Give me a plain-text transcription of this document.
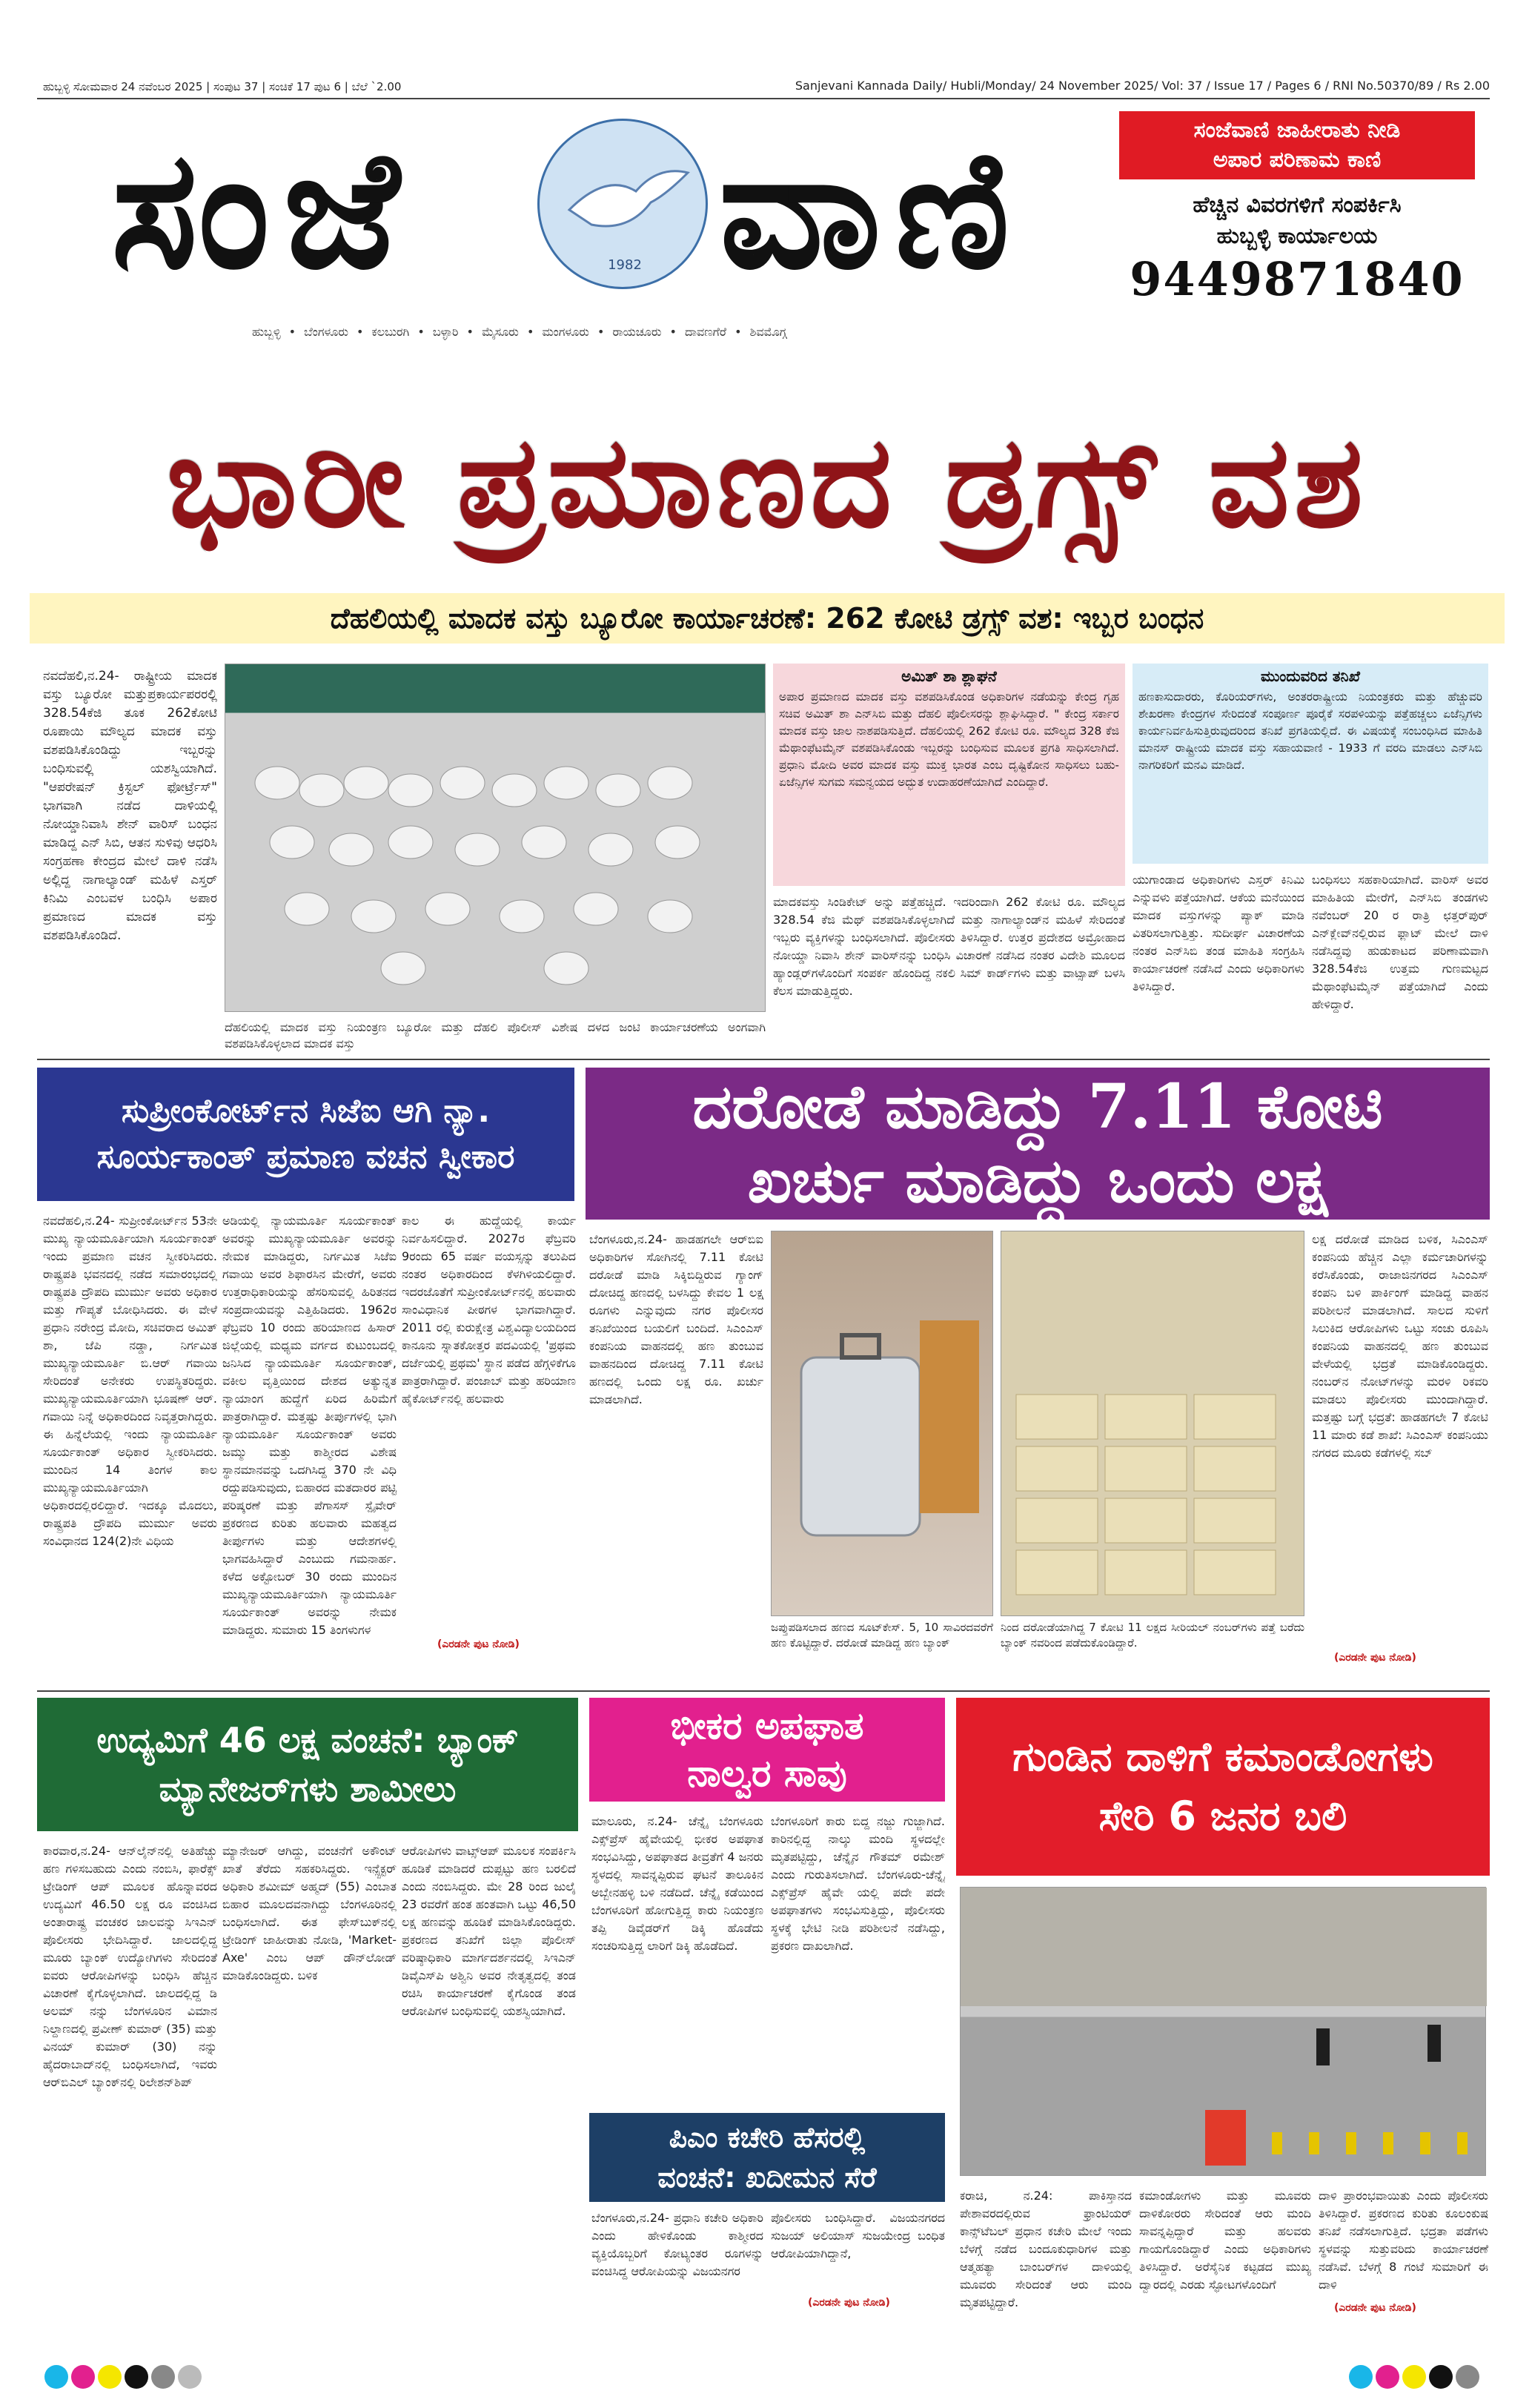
ಹುಬ್ಬಳ್ಳಿ ಸೋಮವಾರ 24 ನವೆಂಬರ 2025 | ಸಂಪುಟ 37 | ಸಂಚಿಕೆ 17 ಪುಟ 6 | ಬೆಲೆ `2.00	Sanjevani Kannada Daily/ Hubli/Monday/ 24 November 2025/ Vol: 37 / Issue 17 / Pages 6 / RNI No.50370/89 / Rs 2.00
ಸಂಜೆ	1982 ವಾಣಿ	ಸಂಜೆವಾಣಿ ಜಾಹೀರಾತು ನೀಡಿ
ಅಪಾರ ಪರಿಣಾಮ ಕಾಣಿ
ಹೆಚ್ಚಿನ ವಿವರಗಳಿಗೆ ಸಂಪರ್ಕಿಸಿ
ಹುಬ್ಬಳ್ಳಿ ಕಾರ್ಯಾಲಯ
9449871840
ಹುಬ್ಬಳ್ಳಿ • ಬೆಂಗಳೂರು • ಕಲಬುರಗಿ • ಬಳ್ಳಾರಿ • ಮೈಸೂರು • ಮಂಗಳೂರು • ರಾಯಚೂರು • ದಾವಣಗೆರೆ • ಶಿವಮೊಗ್ಗ
ಭಾರೀ ಪ್ರಮಾಣದ ಡ್ರಗ್ಸ್ ವಶ
ದೆಹಲಿಯಲ್ಲಿ ಮಾದಕ ವಸ್ತು ಬ್ಯೂರೋ ಕಾರ್ಯಾಚರಣೆ: 262 ಕೋಟಿ ಡ್ರಗ್ಸ್ ವಶ: ಇಬ್ಬರ ಬಂಧನ
ನವದೆಹಲಿ,ನ.24- ರಾಷ್ಟ್ರೀಯ ಮಾದಕ ವಸ್ತು ಬ್ಯೂರೋ ಮತ್ತುಪ್ರಕಾರ್ಯಪರರಲ್ಲಿ 328.54ಕೆಜಿ ತೂಕ 262ಕೋಟಿ ರೂಪಾಯಿ ಮೌಲ್ಯದ ಮಾದಕ ವಸ್ತು ವಶಪಡಿಸಿಕೊಂಡಿದ್ದು ಇಬ್ಬರನ್ನು ಬಂಧಿಸುವಲ್ಲಿ ಯಶಸ್ವಿಯಾಗಿದೆ. "ಆಪರೇಷನ್ ಕ್ರಿಸ್ಟಲ್ ಫೋರ್ಟ್ರೆಸ್" ಭಾಗವಾಗಿ ನಡೆದ ದಾಳಿಯಲ್ಲಿ ನೋಯ್ಡಾನಿವಾಸಿ ಶೇನ್ ವಾರಿಸ್ ಬಂಧನ ಮಾಡಿದ್ದ ಎನ್ ಸಿಬಿ, ಆತನ ಸುಳಿವು ಆಧರಿಸಿ ಸಂಗ್ರಹಣಾ ಕೇಂದ್ರದ ಮೇಲೆ ದಾಳಿ ನಡೆಸಿ ಅಲ್ಲಿದ್ದ ನಾಗಾಲ್ಯಾಂಡ್ ಮಹಿಳೆ ಎಸ್ತರ್ ಕಿನಿಮಿ ಎಂಬವಳ ಬಂಧಿಸಿ ಅಪಾರ ಪ್ರಮಾಣದ ಮಾದಕ ವಸ್ತು ವಶಪಡಿಸಿಕೊಂಡಿದೆ.
ದೆಹಲಿಯಲ್ಲಿ ಮಾದಕ ವಸ್ತು ನಿಯಂತ್ರಣ ಬ್ಯೂರೋ ಮತ್ತು ದೆಹಲಿ ಪೊಲೀಸ್ ವಿಶೇಷ ದಳದ ಜಂಟಿ ಕಾರ್ಯಾಚರಣೆಯ ಅಂಗವಾಗಿ ವಶಪಡಿಸಿಕೊಳ್ಳಲಾದ ಮಾದಕ ವಸ್ತು
ಅಮಿತ್ ಶಾ ಶ್ಲಾಘನೆ
ಅಪಾರ ಪ್ರಮಾಣದ ಮಾದಕ ವಸ್ತು ವಶಪಡಿಸಿಕೊಂಡ ಅಧಿಕಾರಿಗಳ ನಡೆಯನ್ನು ಕೇಂದ್ರ ಗೃಹ ಸಚಿವ ಅಮಿತ್ ಶಾ ಎನ್‌ಸಿಬಿ ಮತ್ತು ದೆಹಲಿ ಪೊಲೀಸರನ್ನು ಶ್ಲಾಘಿಸಿದ್ದಾರೆ. " ಕೇಂದ್ರ ಸರ್ಕಾರ ಮಾದಕ ವಸ್ತು ಜಾಲ ನಾಶಪಡಿಸುತ್ತಿದೆ. ದೆಹಲಿಯಲ್ಲಿ 262 ಕೋಟಿ ರೂ. ಮೌಲ್ಯದ 328 ಕೆಜಿ ಮೆಥಾಂಫೆಟಮೈನ್ ವಶಪಡಿಸಿಕೊಂಡು ಇಬ್ಬರನ್ನು ಬಂಧಿಸುವ ಮೂಲಕ ಪ್ರಗತಿ ಸಾಧಿಸಲಾಗಿದೆ. ಪ್ರಧಾನಿ ಮೋದಿ ಅವರ ಮಾದಕ ವಸ್ತು ಮುಕ್ತ ಭಾರತ ಎಂಬ ದೃಷ್ಟಿಕೋನ ಸಾಧಿಸಲು ಬಹು-ಏಜೆನ್ಸಿಗಳ ಸುಗಮ ಸಮನ್ವಯದ ಅದ್ಭುತ ಉದಾಹರಣೆಯಾಗಿದೆ ಎಂದಿದ್ದಾರೆ.
ಮುಂದುವರಿದ ತನಿಖೆ
ಹಣಕಾಸುದಾರರು, ಕೊರಿಯರ್‌ಗಳು, ಅಂತರರಾಷ್ಟ್ರೀಯ ನಿಯಂತ್ರಕರು ಮತ್ತು ಹೆಚ್ಚುವರಿ ಶೇಖರಣಾ ಕೇಂದ್ರಗಳ ಸೇರಿದಂತೆ ಸಂಪೂರ್ಣ ಪೂರೈಕೆ ಸರಪಳಿಯನ್ನು ಪತ್ತೆಹಚ್ಚಲು ಏಜೆನ್ಸಿಗಳು ಕಾರ್ಯನಿರ್ವಹಿಸುತ್ತಿರುವುದರಿಂದ ತನಿಖೆ ಪ್ರಗತಿಯಲ್ಲಿದೆ. ಈ ವಿಷಯಕ್ಕೆ ಸಂಬಂಧಿಸಿದ ಮಾಹಿತಿ ಮಾನಸ್ ರಾಷ್ಟ್ರೀಯ ಮಾದಕ ವಸ್ತು ಸಹಾಯವಾಣಿ - 1933 ಗೆ ವರದಿ ಮಾಡಲು ಎನ್‌ಸಿಬಿ ನಾಗರಿಕರಿಗೆ ಮನವಿ ಮಾಡಿದೆ.
ಮಾದಕವಸ್ತು ಸಿಂಡಿಕೇಟ್ ಅನ್ನು ಪತ್ತೆಹಚ್ಚಿದೆ. ಇದರಿಂದಾಗಿ 262 ಕೋಟಿ ರೂ. ಮೌಲ್ಯದ 328.54 ಕೆಜಿ ಮೆಥ್ ವಶಪಡಿಸಿಕೊಳ್ಳಲಾಗಿದೆ ಮತ್ತು ನಾಗಾಲ್ಯಾಂಡ್‌ನ ಮಹಿಳೆ ಸೇರಿದಂತೆ ಇಬ್ಬರು ವ್ಯಕ್ತಿಗಳನ್ನು ಬಂಧಿಸಲಾಗಿದೆ. ಪೊಲೀಸರು ತಿಳಿಸಿದ್ದಾರೆ. ಉತ್ತರ ಪ್ರದೇಶದ ಅಮ್ರೋಹಾದ ನೋಯ್ಡಾ ನಿವಾಸಿ ಶೇನ್ ವಾರಿಸ್‌ನನ್ನು ಬಂಧಿಸಿ ವಿಚಾರಣೆ ನಡೆಸಿದ ನಂತರ ವಿದೇಶಿ ಮೂಲದ ಹ್ಯಾಂಡ್ಲರ್‌ಗಳೊಂದಿಗೆ ಸಂಪರ್ಕ ಹೊಂದಿದ್ದ ನಕಲಿ ಸಿಮ್ ಕಾರ್ಡ್‌ಗಳು ಮತ್ತು ವಾಟ್ಸಾಪ್ ಬಳಸಿ ಕೆಲಸ ಮಾಡುತ್ತಿದ್ದರು.
ಯುಗಾಂಡಾದ ಅಧಿಕಾರಿಗಳು ಎಸ್ತರ್ ಕಿನಿಮಿ ಎನ್ನುವಳು ಪತ್ತೆಯಾಗಿದೆ. ಆಕೆಯ ಮನೆಯಿಂದ ಮಾದಕ ವಸ್ತುಗಳನ್ನು ಪ್ಯಾಕ್ ಮಾಡಿ ವಿತರಿಸಲಾಗುತ್ತಿತ್ತು. ಸುದೀರ್ಘ ವಿಚಾರಣೆಯ ನಂತರ ಎನ್‌ಸಿಬಿ ತಂಡ ಮಾಹಿತಿ ಸಂಗ್ರಹಿಸಿ ಕಾರ್ಯಾಚರಣೆ ನಡೆಸಿದೆ ಎಂದು ಅಧಿಕಾರಿಗಳು ತಿಳಿಸಿದ್ದಾರೆ.
ಬಂಧಿಸಲು ಸಹಕಾರಿಯಾಗಿದೆ. ವಾರಿಸ್ ಅವರ ಮಾಹಿತಿಯ ಮೇರೆಗೆ, ಎನ್‌ಸಿಬಿ ತಂಡಗಳು ನವೆಂಬರ್ 20 ರ ರಾತ್ರಿ ಛತ್ತರ್‌ಪುರ್ ಎನ್‌ಕ್ಲೇವ್‌ನಲ್ಲಿರುವ ಫ್ಲಾಟ್ ಮೇಲೆ ದಾಳಿ ನಡೆಸಿದ್ದವು ಹುಡುಕಾಟದ ಪರಿಣಾಮವಾಗಿ 328.54ಕೆಜಿ ಉತ್ತಮ ಗುಣಮಟ್ಟದ ಮೆಥಾಂಫೆಟಮೈನ್ ಪತ್ತೆಯಾಗಿದೆ ಎಂದು ಹೇಳಿದ್ದಾರೆ.
ಸುಪ್ರೀಂಕೋರ್ಟ್‌ನ ಸಿಜೆಐ ಆಗಿ ನ್ಯಾ. ಸೂರ್ಯಕಾಂತ್ ಪ್ರಮಾಣ ವಚನ ಸ್ವೀಕಾರ
ನವದೆಹಲಿ,ನ.24- ಸುಪ್ರೀಂಕೋರ್ಟ್‌ನ 53ನೇ ಮುಖ್ಯ ನ್ಯಾಯಮೂರ್ತಿಯಾಗಿ ಸೂರ್ಯಕಾಂತ್ ಇಂದು ಪ್ರಮಾಣ ವಚನ ಸ್ವೀಕರಿಸಿದರು. ರಾಷ್ಟ್ರಪತಿ ಭವನದಲ್ಲಿ ನಡೆದ ಸಮಾರಂಭದಲ್ಲಿ ರಾಷ್ಟ್ರಪತಿ ದ್ರೌಪದಿ ಮುರ್ಮು ಅವರು ಅಧಿಕಾರ ಮತ್ತು ಗೌಪ್ಯತೆ ಬೋಧಿಸಿದರು. ಈ ವೇಳೆ ಪ್ರಧಾನಿ ನರೇಂದ್ರ ಮೋದಿ, ಸಚಿವರಾದ ಅಮಿತ್ ಶಾ, ಜೆಪಿ ನಡ್ಡಾ, ನಿರ್ಗಮಿತ ಮುಖ್ಯನ್ಯಾಯಮೂರ್ತಿ ಬಿ.ಆರ್ ಗವಾಯಿ ಸೇರಿದಂತೆ ಅನೇಕರು ಉಪಸ್ಥಿತರಿದ್ದರು. ಮುಖ್ಯನ್ಯಾಯಮೂರ್ತಿಯಾಗಿ ಭೂಷಣ್ ಆರ್. ಗವಾಯಿ ನಿನ್ನೆ ಅಧಿಕಾರದಿಂದ ನಿವೃತ್ತರಾಗಿದ್ದರು. ಈ ಹಿನ್ನೆಲೆಯಲ್ಲಿ ಇಂದು ನ್ಯಾಯಮೂರ್ತಿ ಸೂರ್ಯಕಾಂತ್ ಅಧಿಕಾರ ಸ್ವೀಕರಿಸಿದರು. ಮುಂದಿನ 14 ತಿಂಗಳ ಕಾಲ ಮುಖ್ಯನ್ಯಾಯಮೂರ್ತಿಯಾಗಿ ಅಧಿಕಾರದಲ್ಲಿರಲಿದ್ದಾರೆ. ಇದಕ್ಕೂ ಮೊದಲು, ರಾಷ್ಟ್ರಪತಿ ದ್ರೌಪದಿ ಮುರ್ಮು ಅವರು ಸಂವಿಧಾನದ 124(2)ನೇ ವಿಧಿಯ
ಅಡಿಯಲ್ಲಿ ನ್ಯಾಯಮೂರ್ತಿ ಸೂರ್ಯಕಾಂತ್ ಅವರನ್ನು ಮುಖ್ಯನ್ಯಾಯಮೂರ್ತಿ ಅವರನ್ನು ನೇಮಕ ಮಾಡಿದ್ದರು, ನಿರ್ಗಮಿತ ಸಿಜೆಐ ಗವಾಯಿ ಅವರ ಶಿಫಾರಸಿನ ಮೇರೆಗೆ, ಅವರು ಉತ್ತರಾಧಿಕಾರಿಯನ್ನು ಹೆಸರಿಸುವಲ್ಲಿ ಹಿರಿತನದ ಸಂಪ್ರದಾಯವನ್ನು ಎತ್ತಿಹಿಡಿದರು. 1962ರ ಫೆಬ್ರವರಿ 10 ರಂದು ಹರಿಯಾಣದ ಹಿಸಾರ್ ಜಿಲ್ಲೆಯಲ್ಲಿ ಮಧ್ಯಮ ವರ್ಗದ ಕುಟುಂಬದಲ್ಲಿ ಜನಿಸಿದ ನ್ಯಾಯಮೂರ್ತಿ ಸೂರ್ಯಕಾಂತ್, ವಕೀಲ ವೃತ್ತಿಯಿಂದ ದೇಶದ ಅತ್ಯುನ್ನತ ನ್ಯಾಯಾಂಗ ಹುದ್ದೆಗೆ ಏರಿದ ಹಿರಿಮೆಗೆ ಪಾತ್ರರಾಗಿದ್ದಾರೆ. ಮತ್ತಷ್ಟು ತೀರ್ಪುಗಳಲ್ಲಿ ಭಾಗಿ ನ್ಯಾಯಮೂರ್ತಿ ಸೂರ್ಯಕಾಂತ್ ಅವರು ಜಮ್ಮು ಮತ್ತು ಕಾಶ್ಮೀರದ ವಿಶೇಷ ಸ್ಥಾನಮಾನವನ್ನು ಒದಗಿಸಿದ್ದ 370 ನೇ ವಿಧಿ ರದ್ದುಪಡಿಸುವುದು, ಬಿಹಾರದ ಮತದಾರರ ಪಟ್ಟಿ ಪರಿಷ್ಕರಣೆ ಮತ್ತು ಪೆಗಾಸಸ್ ಸ್ಪೈವೇರ್ ಪ್ರಕರಣದ ಕುರಿತು ಹಲವಾರು ಮಹತ್ವದ ತೀರ್ಪುಗಳು ಮತ್ತು ಆದೇಶಗಳಲ್ಲಿ ಭಾಗವಹಿಸಿದ್ದಾರೆ ಎಂಬುದು ಗಮನಾರ್ಹ. ಕಳೆದ ಅಕ್ಟೋಬರ್ 30 ರಂದು ಮುಂದಿನ ಮುಖ್ಯನ್ಯಾಯಮೂರ್ತಿಯಾಗಿ ನ್ಯಾಯಮೂರ್ತಿ ಸೂರ್ಯಕಾಂತ್ ಅವರನ್ನು ನೇಮಕ ಮಾಡಿದ್ದರು. ಸುಮಾರು 15 ತಿಂಗಳುಗಳ
ಕಾಲ ಈ ಹುದ್ದೆಯಲ್ಲಿ ಕಾರ್ಯ ನಿರ್ವಹಿಸಲಿದ್ದಾರೆ. 2027ರ ಫೆಬ್ರವರಿ 9ರಂದು 65 ವರ್ಷ ವಯಸ್ಸನ್ನು ತಲುಪಿದ ನಂತರ ಅಧಿಕಾರದಿಂದ ಕೆಳಗಿಳಿಯಲಿದ್ದಾರೆ. ಇದರಜೊತೆಗೆ ಸುಪ್ರೀಂಕೋರ್ಟ್‌ನಲ್ಲಿ ಹಲವಾರು ಸಾಂವಿಧಾನಿಕ ಪೀಠಗಳ ಭಾಗವಾಗಿದ್ದಾರೆ. 2011 ರಲ್ಲಿ ಕುರುಕ್ಷೇತ್ರ ವಿಶ್ವವಿದ್ಯಾಲಯದಿಂದ ಕಾನೂನು ಸ್ನಾತಕೋತ್ತರ ಪದವಿಯಲ್ಲಿ 'ಪ್ರಥಮ ದರ್ಜೆಯಲ್ಲಿ ಪ್ರಥಮ' ಸ್ಥಾನ ಪಡೆದ ಹೆಗ್ಗಳಿಕೆಗೂ ಪಾತ್ರರಾಗಿದ್ದಾರೆ. ಪಂಜಾಬ್ ಮತ್ತು ಹರಿಯಾಣ ಹೈಕೋರ್ಟ್‌ನಲ್ಲಿ ಹಲವಾರು
(ಎರಡನೇ ಪುಟ ನೋಡಿ)
ದರೋಡೆ ಮಾಡಿದ್ದು 7.11 ಕೋಟಿ
ಖರ್ಚು ಮಾಡಿದ್ದು ಒಂದು ಲಕ್ಷ
ಬೆಂಗಳೂರು,ನ.24- ಹಾಡಹಗಲೇ ಆರ್‌ಬಿಐ ಅಧಿಕಾರಿಗಳ ಸೋಗಿನಲ್ಲಿ 7.11 ಕೋಟಿ ದರೋಡೆ ಮಾಡಿ ಸಿಕ್ಕಿಬಿದ್ದಿರುವ ಗ್ಯಾಂಗ್ ದೋಚಿದ್ದ ಹಣದಲ್ಲಿ ಬಳಸಿದ್ದು ಕೇವಲ 1 ಲಕ್ಷ ರೂಗಳು ಎನ್ನುವುದು ನಗರ ಪೊಲೀಸರ ತನಿಖೆಯಿಂದ ಬಯಲಿಗೆ ಬಂದಿದೆ. ಸಿಎಂಎಸ್ ಕಂಪನಿಯ ವಾಹನದಲ್ಲಿ ಹಣ ತುಂಬುವ ವಾಹನದಿಂದ ದೋಚಿದ್ದ 7.11 ಕೋಟಿ ಹಣದಲ್ಲಿ ಒಂದು ಲಕ್ಷ ರೂ. ಖರ್ಚು ಮಾಡಲಾಗಿದೆ.
ಜಪ್ತುಪಡಿಸಲಾದ ಹಣದ ಸೂಟ್‌ಕೇಸ್. 5, 10 ಸಾವಿರದವರೆಗೆ ಹಣ ಕೊಟ್ಟಿದ್ದಾರೆ. ದರೋಡೆ ಮಾಡಿದ್ದ ಹಣ ಬ್ಯಾಂಕ್
ನಿಂದ ದರೋಡೆಯಾಗಿದ್ದ 7 ಕೋಟಿ 11 ಲಕ್ಷದ ಸೀರಿಯಲ್ ನಂಬರ್‌ಗಳು ಪತ್ತೆ ಬರೆದು ಬ್ಯಾಂಕ್ ನವರಿಂದ ಪಡೆದುಕೊಂಡಿದ್ದಾರೆ.
ಲಕ್ಷ ದರೋಡೆ ಮಾಡಿದ ಬಳಿಕ, ಸಿಎಂಎಸ್ ಕಂಪನಿಯ ಹೆಚ್ಚಿನ ಎಲ್ಲಾ ಕರ್ಮಚಾರಿಗಳನ್ನು ಕರೆಸಿಕೊಂಡು, ರಾಜಾಜಿನಗರದ ಸಿಎಂಎಸ್ ಕಂಪನಿ ಬಳಿ ಪಾರ್ಕಿಂಗ್ ಮಾಡಿದ್ದ ವಾಹನ ಪರಿಶೀಲನೆ ಮಾಡಲಾಗಿದೆ. ಸಾಲದ ಸುಳಿಗೆ ಸಿಲುಕಿದ ಆರೋಪಿಗಳು ಒಟ್ಟು ಸಂಚು ರೂಪಿಸಿ ಕಂಪನಿಯ ವಾಹನದಲ್ಲಿ ಹಣ ತುಂಬುವ ವೇಳೆಯಲ್ಲಿ ಭದ್ರತೆ ಮಾಡಿಕೊಂಡಿದ್ದರು. ನಂಬರ್‌ನ ನೋಟ್‌ಗಳನ್ನು ಮರಳಿ ರಿಕವರಿ ಮಾಡಲು ಪೊಲೀಸರು ಮುಂದಾಗಿದ್ದಾರೆ. ಮತ್ತಷ್ಟು ಬಗ್ಗೆ ಭದ್ರತೆ: ಹಾಡಹಗಲೇ 7 ಕೋಟಿ 11 ಮಾರು ಕಡೆ ಶಾಖೆ: ಸಿಎಂಎಸ್ ಕಂಪನಿಯು ನಗರದ ಮೂರು ಕಡೆಗಳಲ್ಲಿ ಸಬ್
(ಎರಡನೇ ಪುಟ ನೋಡಿ)
ಉದ್ಯಮಿಗೆ 46 ಲಕ್ಷ ವಂಚನೆ: ಬ್ಯಾಂಕ್ ಮ್ಯಾನೇಜರ್‌ಗಳು ಶಾಮೀಲು
ಕಾರವಾರ,ನ.24- ಆನ್‌ಲೈನ್‌ನಲ್ಲಿ ಅತಿಹೆಚ್ಚು ಹಣ ಗಳಿಸಬಹುದು ಎಂದು ನಂಬಿಸಿ, ಫಾರೆಕ್ಸ್ ಟ್ರೇಡಿಂಗ್ ಆಪ್ ಮೂಲಕ ಹೊನ್ನಾವರದ ಉದ್ಯಮಿಗೆ 46.50 ಲಕ್ಷ ರೂ ವಂಚಿಸಿದ ಅಂತಾರಾಷ್ಟ್ರ ವಂಚಕರ ಜಾಲವನ್ನು ಸಿಇಎನ್ ಪೊಲೀಸರು ಭೇದಿಸಿದ್ದಾರೆ. ಜಾಲದಲ್ಲಿದ್ದ ಮೂರು ಬ್ಯಾಂಕ್ ಉದ್ಯೋಗಿಗಳು ಸೇರಿದಂತೆ ಐವರು ಆರೋಪಿಗಳನ್ನು ಬಂಧಿಸಿ ಹೆಚ್ಚಿನ ವಿಚಾರಣೆ ಕೈಗೊಳ್ಳಲಾಗಿದೆ. ಜಾಲದಲ್ಲಿದ್ದ ಡಿ ಅಲಮ್ ನನ್ನು ಬೆಂಗಳೂರಿನ ವಿಮಾನ ನಿಲ್ದಾಣದಲ್ಲಿ ಪ್ರವೀಣ್ ಕುಮಾರ್ (35) ಮತ್ತು ವಿನಯ್ ಕುಮಾರ್ (30) ನನ್ನು ಹೈದರಾಬಾದ್‌ನಲ್ಲಿ ಬಂಧಿಸಲಾಗಿದೆ, ಇವರು ಆರ್‌ಬಿಎಲ್ ಬ್ಯಾಂಕ್‌ನಲ್ಲಿ ರಿಲೇಶನ್‌ಶಿಪ್
ಮ್ಯಾನೇಜರ್ ಆಗಿದ್ದು, ವಂಚನೆಗೆ ಅಕೌಂಟ್ ಖಾತೆ ತೆರೆದು ಸಹಕರಿಸಿದ್ದರು. ಇನ್ಸ್ಪೆಕ್ಟರ್ ಅಧಿಕಾರಿ ಶಮೀಮ್ ಅಹ್ಮದ್ (55) ಎಂಬಾತ ಬಿಹಾರ ಮೂಲದವನಾಗಿದ್ದು ಬೆಂಗಳೂರಿನಲ್ಲಿ ಬಂಧಿಸಲಾಗಿದೆ. ಈತ ಫೇಸ್‌ಬುಕ್‌ನಲ್ಲಿ ಟ್ರೇಡಿಂಗ್ ಜಾಹೀರಾತು ನೋಡಿ, 'Market-Axe' ಎಂಬ ಆಪ್ ಡೌನ್‌ಲೋಡ್ ಮಾಡಿಕೊಂಡಿದ್ದರು. ಬಳಿಕ
ಆರೋಪಿಗಳು ವಾಟ್ಸ್‌ಆಪ್ ಮೂಲಕ ಸಂಪರ್ಕಿಸಿ ಹೂಡಿಕೆ ಮಾಡಿದರೆ ದುಪ್ಪಟ್ಟು ಹಣ ಬರಲಿದೆ ಎಂದು ನಂಬಿಸಿದ್ದರು. ಮೇ 28 ರಿಂದ ಜುಲೈ 23 ರವರೆಗೆ ಹಂತ ಹಂತವಾಗಿ ಒಟ್ಟು 46,50 ಲಕ್ಷ ಹಣವನ್ನು ಹೂಡಿಕೆ ಮಾಡಿಸಿಕೊಂಡಿದ್ದರು. ಪ್ರಕರಣದ ತನಿಖೆಗೆ ಜಿಲ್ಲಾ ಪೊಲೀಸ್ ವರಿಷ್ಠಾಧಿಕಾರಿ ಮಾರ್ಗದರ್ಶನದಲ್ಲಿ ಸಿಇಎನ್ ಡಿವೈಎಸ್‌ಪಿ ಅಶ್ವಿನಿ ಅವರ ನೇತೃತ್ವದಲ್ಲಿ ತಂಡ ರಚಿಸಿ ಕಾರ್ಯಾಚರಣೆ ಕೈಗೊಂಡ ತಂಡ ಆರೋಪಿಗಳ ಬಂಧಿಸುವಲ್ಲಿ ಯಶಸ್ವಿಯಾಗಿದೆ.
ಭೀಕರ ಅಪಘಾತ
ನಾಲ್ವರ ಸಾವು
ಮಾಲೂರು, ನ.24- ಚೆನ್ನೈ ಬೆಂಗಳೂರು ಎಕ್ಸ್‌ಪ್ರೆಸ್ ಹೈವೇಯಲ್ಲಿ ಭೀಕರ ಅಪಘಾತ ಸಂಭವಿಸಿದ್ದು, ಅಪಘಾತದ ತೀವ್ರತೆಗೆ 4 ಜನರು ಸ್ಥಳದಲ್ಲಿ ಸಾವನ್ನಪ್ಪಿರುವ ಘಟನೆ ತಾಲೂಕಿನ ಅಬ್ಬೇನಹಳ್ಳಿ ಬಳಿ ನಡೆದಿದೆ. ಚೆನ್ನೈ ಕಡೆಯಿಂದ ಬೆಂಗಳೂರಿಗೆ ಹೋಗುತ್ತಿದ್ದ ಕಾರು ನಿಯಂತ್ರಣ ತಪ್ಪಿ ಡಿವೈಡರ್‌ಗೆ ಡಿಕ್ಕಿ ಹೊಡೆದು ಸಂಚರಿಸುತ್ತಿದ್ದ ಲಾರಿಗೆ ಡಿಕ್ಕಿ ಹೊಡೆದಿದೆ.
ಬೆಂಗಳೂರಿಗೆ ಕಾರು ಬಿದ್ದ ನಜ್ಜು ಗುಜ್ಜಾಗಿದೆ. ಕಾರಿನಲ್ಲಿದ್ದ ನಾಲ್ಕು ಮಂದಿ ಸ್ಥಳದಲ್ಲೇ ಮೃತಪಟ್ಟಿದ್ದು, ಚೆನ್ನೈನ ಗೌತಮ್ ರಮೇಶ್ ಎಂದು ಗುರುತಿಸಲಾಗಿದೆ. ಬೆಂಗಳೂರು-ಚೆನ್ನೈ ಎಕ್ಸ್‌ಪ್ರೆಸ್ ಹೈವೇ ಯಲ್ಲಿ ಪದೇ ಪದೇ ಅಪಘಾತಗಳು ಸಂಭವಿಸುತ್ತಿದ್ದು, ಪೊಲೀಸರು ಸ್ಥಳಕ್ಕೆ ಭೇಟಿ ನೀಡಿ ಪರಿಶೀಲನೆ ನಡೆಸಿದ್ದು, ಪ್ರಕರಣ ದಾಖಲಾಗಿದೆ.
ಪಿಎಂ ಕಚೇರಿ ಹೆಸರಲ್ಲಿ
ವಂಚನೆ: ಖದೀಮನ ಸೆರೆ
ಬೆಂಗಳೂರು,ನ.24- ಪ್ರಧಾನಿ ಕಚೇರಿ ಅಧಿಕಾರಿ ಎಂದು ಹೇಳಿಕೊಂಡು ಕಾಶ್ಮೀರದ ವ್ಯಕ್ತಿಯೊಬ್ಬರಿಗೆ ಕೋಟ್ಯಂತರ ರೂಗಳನ್ನು ವಂಚಿಸಿದ್ದ ಆರೋಪಿಯನ್ನು ವಿಜಯನಗರ
ಪೊಲೀಸರು ಬಂಧಿಸಿದ್ದಾರೆ. ವಿಜಯನಗರದ ಸುಜಯ್ ಅಲಿಯಾಸ್ ಸುಜಯೇಂದ್ರ ಬಂಧಿತ ಆರೋಪಿಯಾಗಿದ್ದಾನೆ,
(ಎರಡನೇ ಪುಟ ನೋಡಿ)
ಗುಂಡಿನ ದಾಳಿಗೆ ಕಮಾಂಡೋಗಳು ಸೇರಿ 6 ಜನರ ಬಲಿ
ಕರಾಚಿ, ನ.24: ಪಾಕಿಸ್ತಾನದ ಪೇಶಾವರದಲ್ಲಿರುವ ಫ್ರಾಂಟಿಯರ್ ಕಾನ್ಸ್‌ಟೆಬಲ್ ಪ್ರಧಾನ ಕಚೇರಿ ಮೇಲೆ ಇಂದು ಬೆಳಗ್ಗೆ ನಡೆದ ಬಂದೂಕುಧಾರಿಗಳ ಮತ್ತು ಆತ್ಮಹತ್ಯಾ ಬಾಂಬರ್‌ಗಳ ದಾಳಿಯಲ್ಲಿ ಮೂವರು ಸೇರಿದಂತೆ ಆರು ಮಂದಿ ಮೃತಪಟ್ಟಿದ್ದಾರೆ.
ಕಮಾಂಡೋಗಳು ಮತ್ತು ಮೂವರು ದಾಳಿಕೋರರು ಸೇರಿದಂತೆ ಆರು ಮಂದಿ ಸಾವನ್ನಪ್ಪಿದ್ದಾರೆ ಮತ್ತು ಹಲವರು ಗಾಯಗೊಂಡಿದ್ದಾರೆ ಎಂದು ಅಧಿಕಾರಿಗಳು ತಿಳಿಸಿದ್ದಾರೆ. ಅರೆಸೈನಿಕ ಕಟ್ಟಡದ ಮುಖ್ಯ ದ್ವಾರದಲ್ಲಿ ಎರಡು ಸ್ಫೋಟಗಳೊಂದಿಗೆ
ದಾಳಿ ಪ್ರಾರಂಭವಾಯಿತು ಎಂದು ಪೊಲೀಸರು ತಿಳಿಸಿದ್ದಾರೆ. ಪ್ರಕರಣದ ಕುರಿತು ಕೂಲಂಕುಷ ತನಿಖೆ ನಡೆಸಲಾಗುತ್ತಿದೆ. ಭದ್ರತಾ ಪಡೆಗಳು ಸ್ಥಳವನ್ನು ಸುತ್ತುವರಿದು ಕಾರ್ಯಾಚರಣೆ ನಡೆಸಿವೆ. ಬೆಳಗ್ಗೆ 8 ಗಂಟೆ ಸುಮಾರಿಗೆ ಈ ದಾಳಿ
(ಎರಡನೇ ಪುಟ ನೋಡಿ)
